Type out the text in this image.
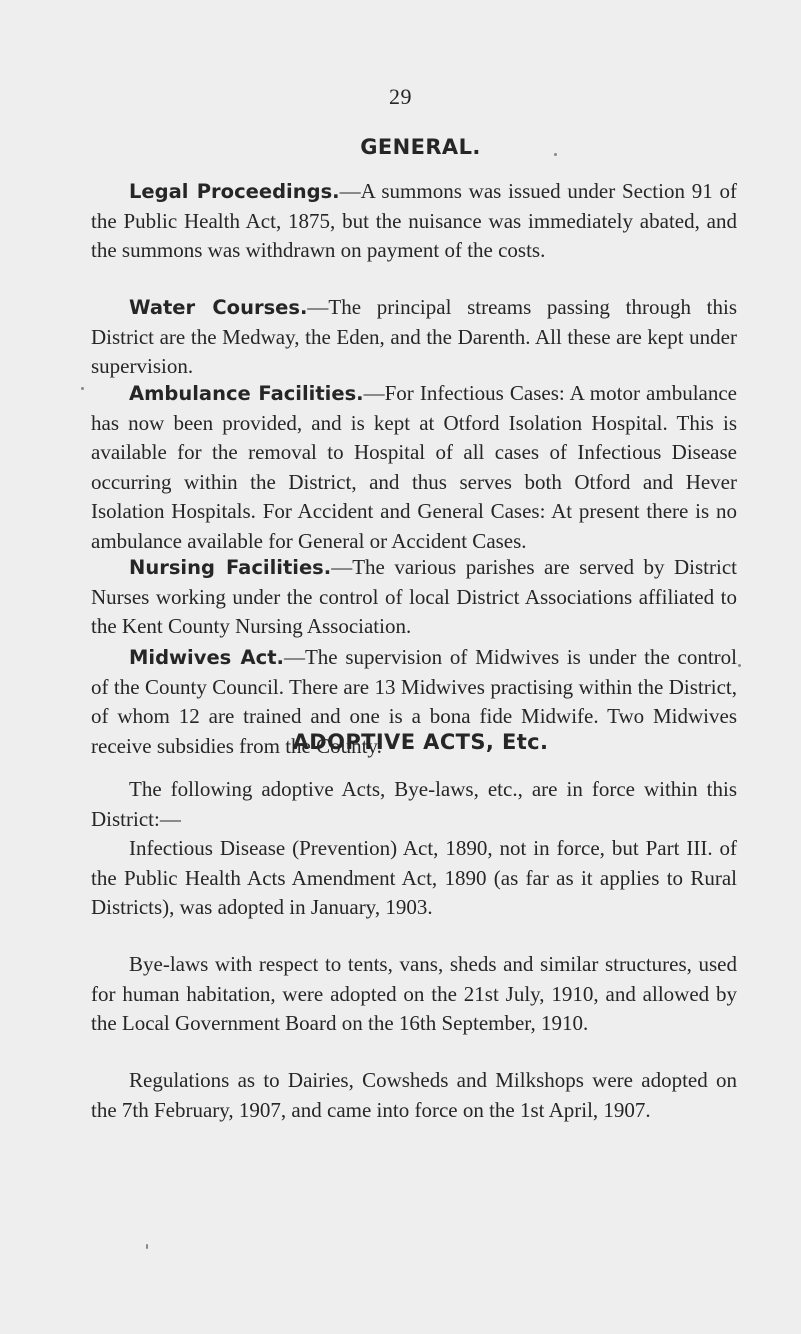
29
GENERAL.

Legal Proceedings.—A summons was issued under Section 91 of the Public Health Act, 1875, but the nuisance was immediately abated, and the summons was withdrawn on payment of the costs.

Water Courses.—The principal streams passing through this District are the Medway, the Eden, and the Darenth. All these are kept under supervision.

Ambulance Facilities.—For Infectious Cases: A motor ambulance has now been provided, and is kept at Otford Isolation Hospital. This is available for the removal to Hospital of all cases of Infectious Disease occurring within the District, and thus serves both Otford and Hever Isolation Hospitals. For Accident and General Cases: At present there is no ambulance available for General or Accident Cases.

Nursing Facilities.—The various parishes are served by District Nurses working under the control of local District Associations affiliated to the Kent County Nursing Association.

Midwives Act.—The supervision of Midwives is under the control of the County Council. There are 13 Midwives practising within the District, of whom 12 are trained and one is a bona fide Midwife. Two Midwives receive subsidies from the County.

ADOPTIVE ACTS, Etc.

The following adoptive Acts, Bye-laws, etc., are in force within this District:—

Infectious Disease (Prevention) Act, 1890, not in force, but Part III. of the Public Health Acts Amendment Act, 1890 (as far as it applies to Rural Districts), was adopted in January, 1903.

Bye-laws with respect to tents, vans, sheds and similar structures, used for human habitation, were adopted on the 21st July, 1910, and allowed by the Local Government Board on the 16th September, 1910.

Regulations as to Dairies, Cowsheds and Milkshops were adopted on the 7th February, 1907, and came into force on the 1st April, 1907.
